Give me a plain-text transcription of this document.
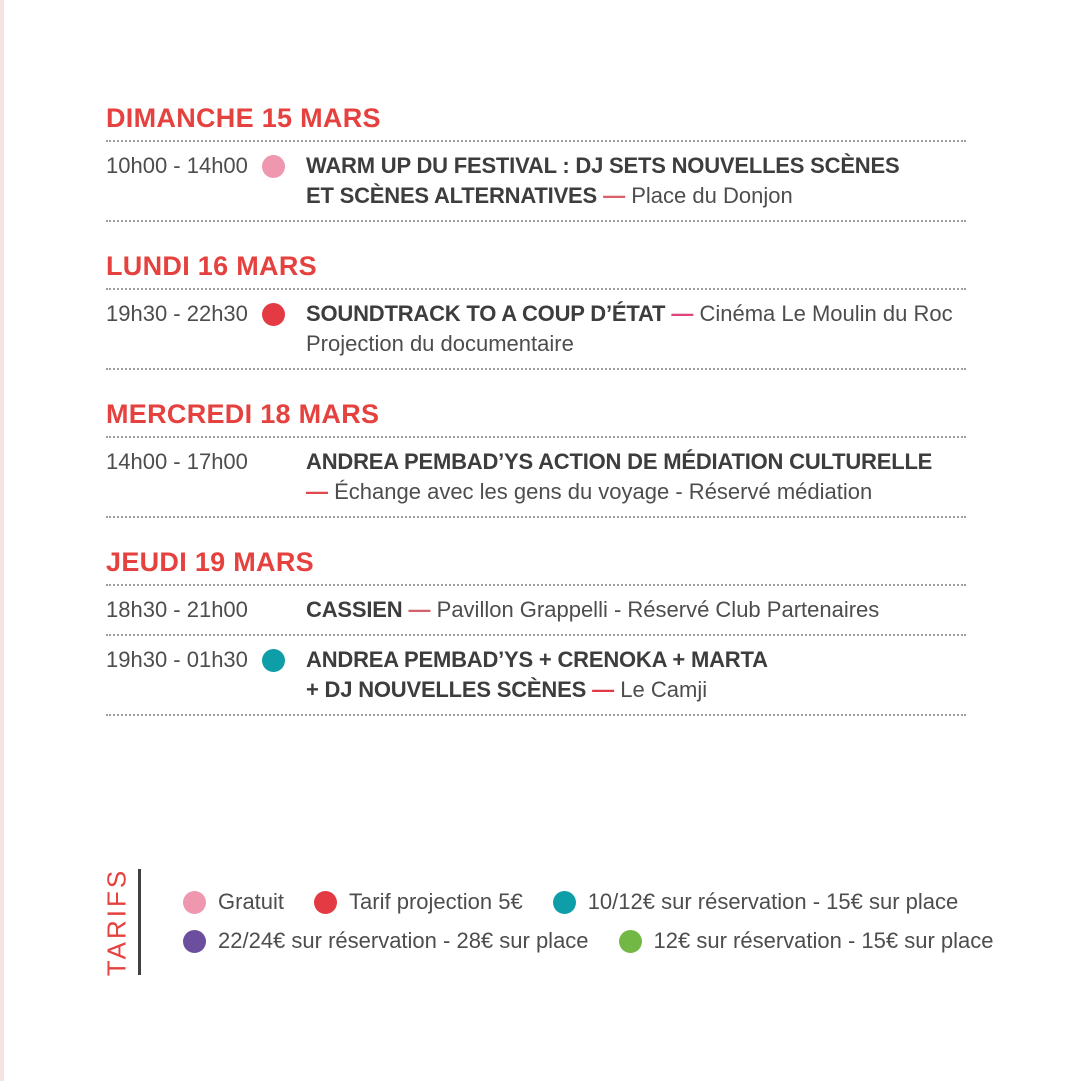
DIMANCHE 15 MARS
10h00 - 14h00	WARM UP DU FESTIVAL : DJ SETS NOUVELLES SCÈNES
ET SCÈNES ALTERNATIVES — Place du Donjon
LUNDI 16 MARS
19h30 - 22h30	SOUNDTRACK TO A COUP D’ÉTAT — Cinéma Le Moulin du Roc
Projection du documentaire
MERCREDI 18 MARS
14h00 - 17h00	ANDREA PEMBAD’YS ACTION DE MÉDIATION CULTURELLE
— Échange avec les gens du voyage - Réservé médiation
JEUDI 19 MARS
18h30 - 21h00	CASSIEN — Pavillon Grappelli - Réservé Club Partenaires
19h30 - 01h30	ANDREA PEMBAD’YS + CRENOKA + MARTA
+ DJ NOUVELLES SCÈNES — Le Camji
TARIFS	Gratuit	Tarif projection 5€	10/12€ sur réservation - 15€ sur place
22/24€ sur réservation - 28€ sur place	12€ sur réservation - 15€ sur place
